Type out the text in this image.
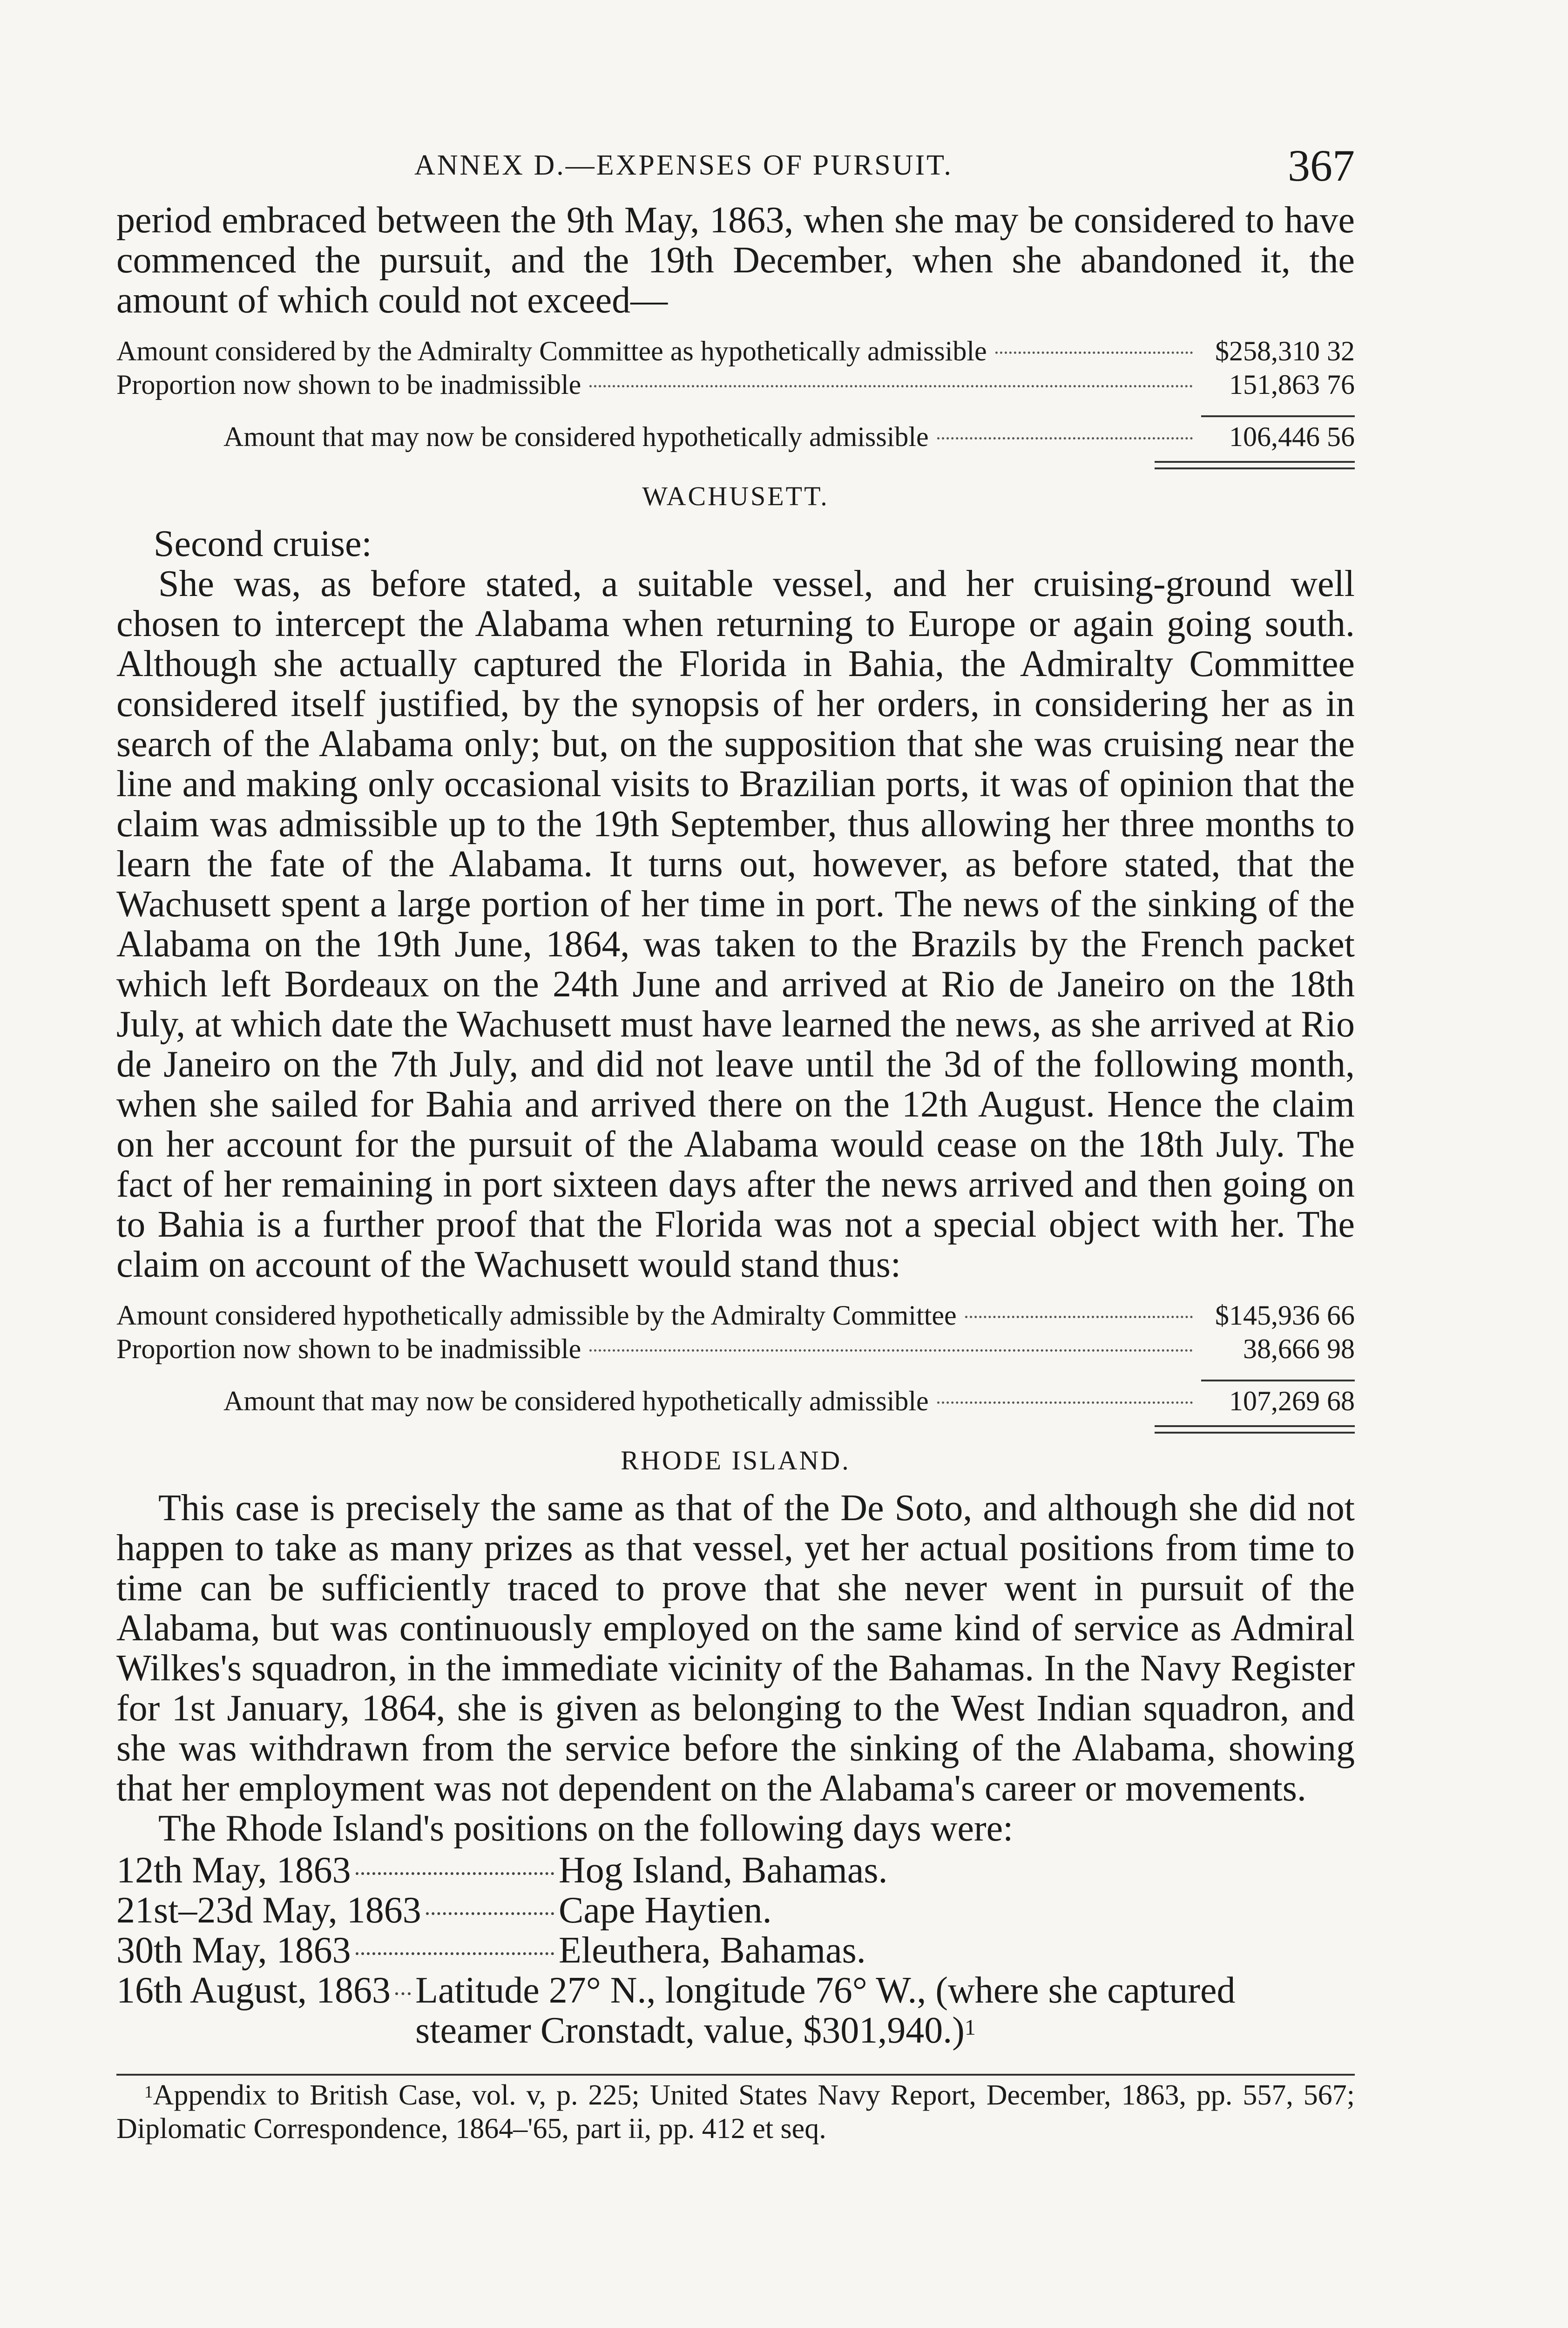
ANNEX D.—EXPENSES OF PURSUIT.	367

period embraced between the 9th May, 1863, when she may be considered to have commenced the pursuit, and the 19th December, when she abandoned it, the amount of which could not exceed—

Amount considered by the Admiralty Committee as hypothetically admissible	$258,310 32
Proportion now shown to be inadmissible	151,863 76
Amount that may now be considered hypothetically admissible	106,446 56
WACHUSETT.

Second cruise:

She was, as before stated, a suitable vessel, and her cruising-ground well chosen to intercept the Alabama when returning to Europe or again going south. Although she actually captured the Florida in Bahia, the Admiralty Committee considered itself justified, by the synopsis of her orders, in considering her as in search of the Alabama only; but, on the supposition that she was cruising near the line and making only occasional visits to Brazilian ports, it was of opinion that the claim was admissible up to the 19th September, thus allowing her three months to learn the fate of the Alabama. It turns out, however, as before stated, that the Wachusett spent a large portion of her time in port. The news of the sinking of the Alabama on the 19th June, 1864, was taken to the Brazils by the French packet which left Bordeaux on the 24th June and arrived at Rio de Janeiro on the 18th July, at which date the Wachusett must have learned the news, as she arrived at Rio de Janeiro on the 7th July, and did not leave until the 3d of the following month, when she sailed for Bahia and arrived there on the 12th August. Hence the claim on her account for the pursuit of the Alabama would cease on the 18th July. The fact of her remaining in port sixteen days after the news arrived and then going on to Bahia is a further proof that the Florida was not a special object with her. The claim on account of the Wachusett would stand thus:

Amount considered hypothetically admissible by the Admiralty Committee	$145,936 66
Proportion now shown to be inadmissible	38,666 98
Amount that may now be considered hypothetically admissible	107,269 68
RHODE ISLAND.

This case is precisely the same as that of the De Soto, and although she did not happen to take as many prizes as that vessel, yet her actual positions from time to time can be sufficiently traced to prove that she never went in pursuit of the Alabama, but was continuously employed on the same kind of service as Admiral Wilkes's squadron, in the immediate vicinity of the Bahamas. In the Navy Register for 1st January, 1864, she is given as belonging to the West Indian squadron, and she was withdrawn from the service before the sinking of the Alabama, showing that her employment was not dependent on the Alabama's career or movements.

The Rhode Island's positions on the following days were:

12th May, 1863	Hog Island, Bahamas.
21st–23d May, 1863	Cape Haytien.
30th May, 1863	Eleuthera, Bahamas.
16th August, 1863 Latitude 27° N., longitude 76° W., (where she captured steamer Cronstadt, value, $301,940.)$^1$

$^1$Appendix to British Case, vol. v, p. 225; United States Navy Report, December, 1863, pp. 557, 567; Diplomatic Correspondence, 1864–'65, part ii, pp. 412 et seq.
